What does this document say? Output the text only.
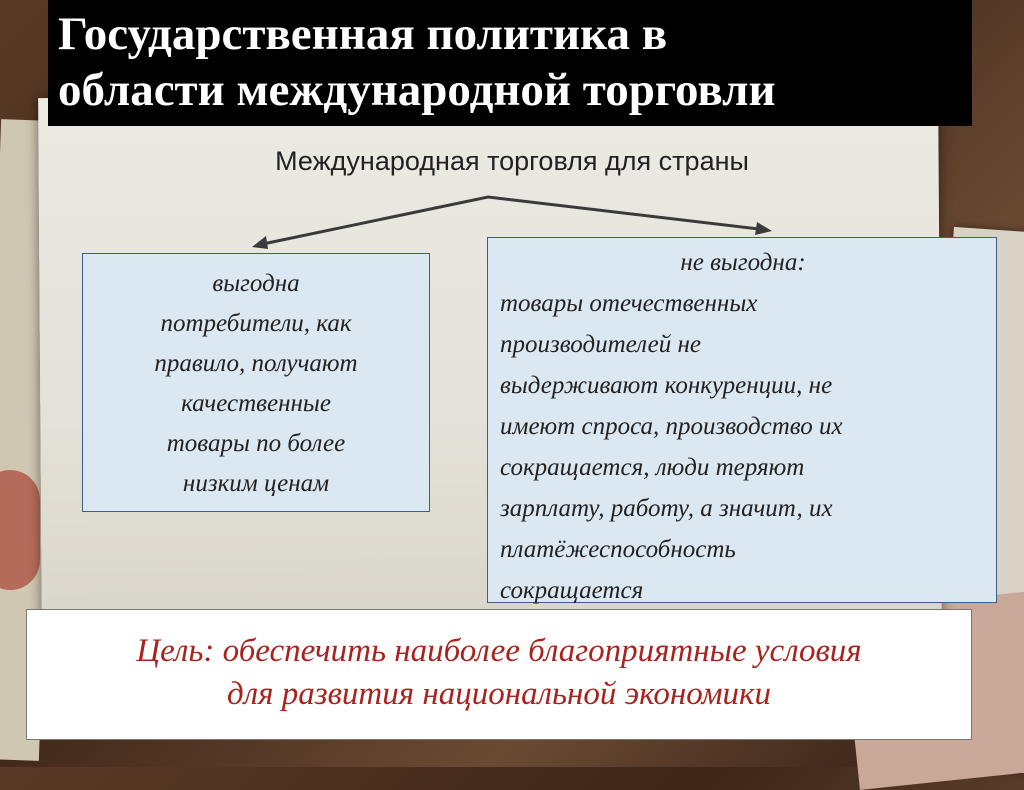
Государственная политика в
области международной торговли
Международная торговля для страны
выгодна
потребители, как
правило, получают
качественные
товары по более
низким ценам
не выгодна:
товары отечественных
производителей не
выдерживают конкуренции, не
имеют спроса, производство их
сокращается, люди теряют
зарплату, работу, а значит, их
платёжеспособность
сокращается
Цель: обеспечить наиболее благоприятные условия
для развития национальной экономики
